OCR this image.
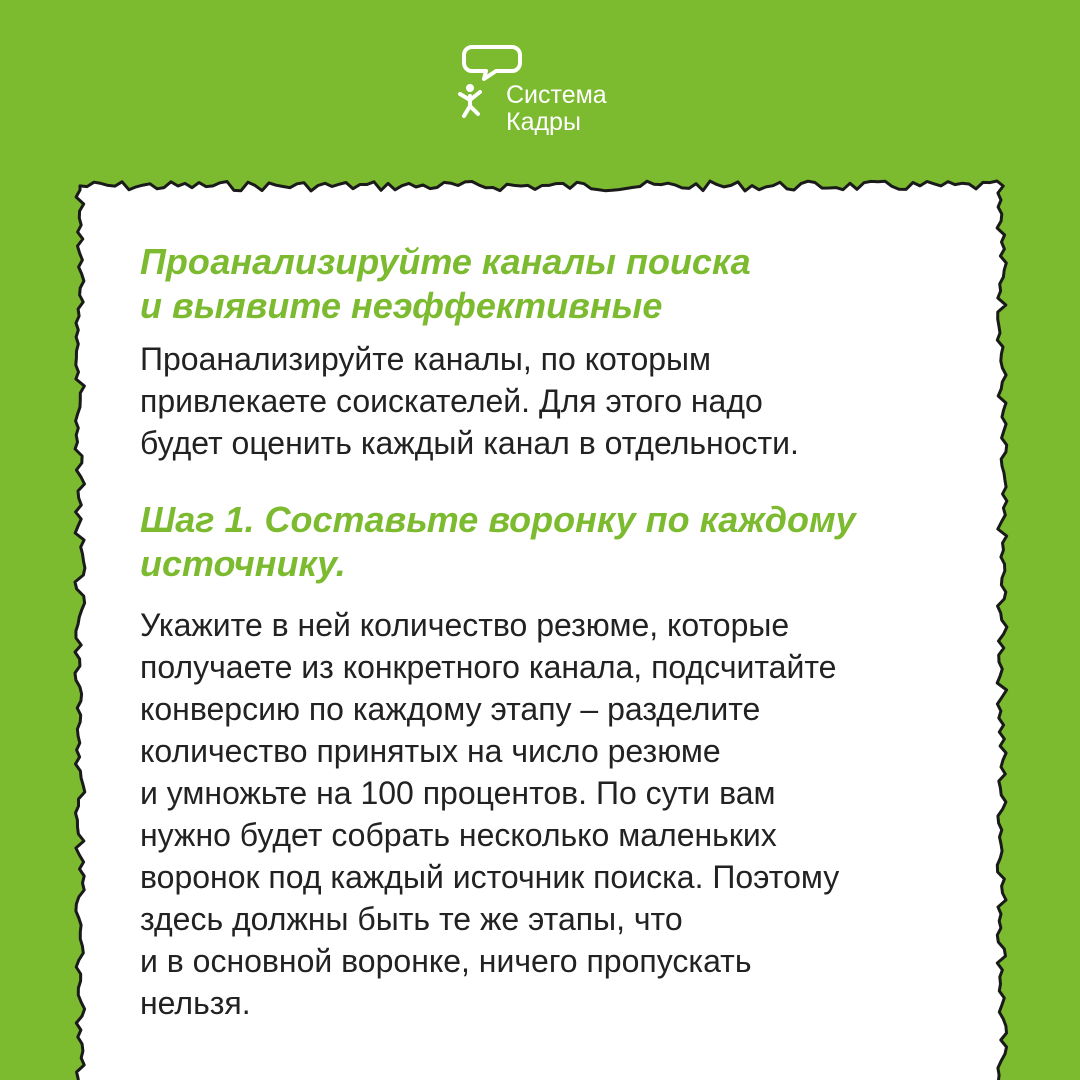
Система
Кадры
Проанализируйте каналы поиска
и выявите неэффективные

Проанализируйте каналы, по которым
привлекаете соискателей. Для этого надо
будет оценить каждый канал в отдельности.

Шаг 1. Составьте воронку по каждому
источнику.

Укажите в ней количество резюме, которые
получаете из конкретного канала, подсчитайте
конверсию по каждому этапу – разделите
количество принятых на число резюме
и умножьте на 100 процентов. По сути вам
нужно будет собрать несколько маленьких
воронок под каждый источник поиска. Поэтому
здесь должны быть те же этапы, что
и в основной воронке, ничего пропускать
нельзя.
